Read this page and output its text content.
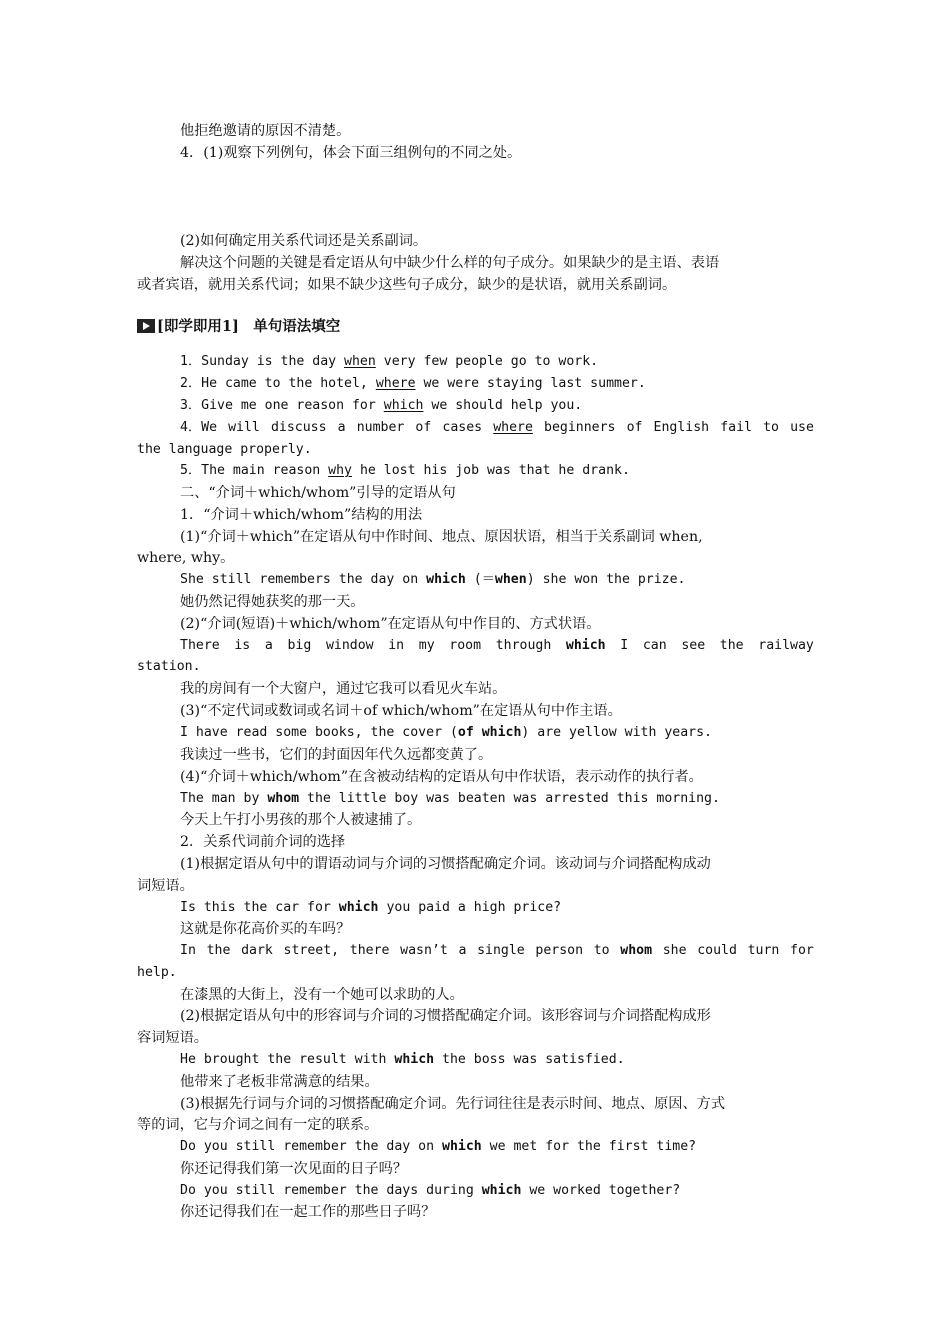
他拒绝邀请的原因不清楚。
4．(1)观察下列例句，体会下面三组例句的不同之处。
(2)如何确定用关系代词还是关系副词。
解决这个问题的关键是看定语从句中缺少什么样的句子成分。如果缺少的是主语、表语
或者宾语，就用关系代词；如果不缺少这些句子成分，缺少的是状语，就用关系副词。
[即学即用1]　单句语法填空
1．Sunday is the day when very few people go to work.
2．He came to the hotel, where we were staying last summer.
3．Give me one reason for which we should help you.
4．We will discuss a number of cases where beginners of English fail to use
the language properly.
5．The main reason why he lost his job was that he drank.
二、“介词＋which/whom”引导的定语从句
1．“介词＋which/whom”结构的用法
(1)“介词＋which”在定语从句中作时间、地点、原因状语，相当于关系副词 when,
where, why。
She still remembers the day on which (＝when) she won the prize.
她仍然记得她获奖的那一天。
(2)“介词(短语)＋which/whom”在定语从句中作目的、方式状语。
There is a big window in my room through which I can see the railway
station.
我的房间有一个大窗户，通过它我可以看见火车站。
(3)“不定代词或数词或名词＋of which/whom”在定语从句中作主语。
I have read some books, the cover (of which) are yellow with years.
我读过一些书，它们的封面因年代久远都变黄了。
(4)“介词＋which/whom”在含被动结构的定语从句中作状语，表示动作的执行者。
The man by whom the little boy was beaten was arrested this morning.
今天上午打小男孩的那个人被逮捕了。
2．关系代词前介词的选择
(1)根据定语从句中的谓语动词与介词的习惯搭配确定介词。该动词与介词搭配构成动
词短语。
Is this the car for which you paid a high price?
这就是你花高价买的车吗？
In the dark street, there wasn’t a single person to whom she could turn for
help.
在漆黑的大街上，没有一个她可以求助的人。
(2)根据定语从句中的形容词与介词的习惯搭配确定介词。该形容词与介词搭配构成形
容词短语。
He brought the result with which the boss was satisfied.
他带来了老板非常满意的结果。
(3)根据先行词与介词的习惯搭配确定介词。先行词往往是表示时间、地点、原因、方式
等的词，它与介词之间有一定的联系。
Do you still remember the day on which we met for the first time?
你还记得我们第一次见面的日子吗？
Do you still remember the days during which we worked together?
你还记得我们在一起工作的那些日子吗？
